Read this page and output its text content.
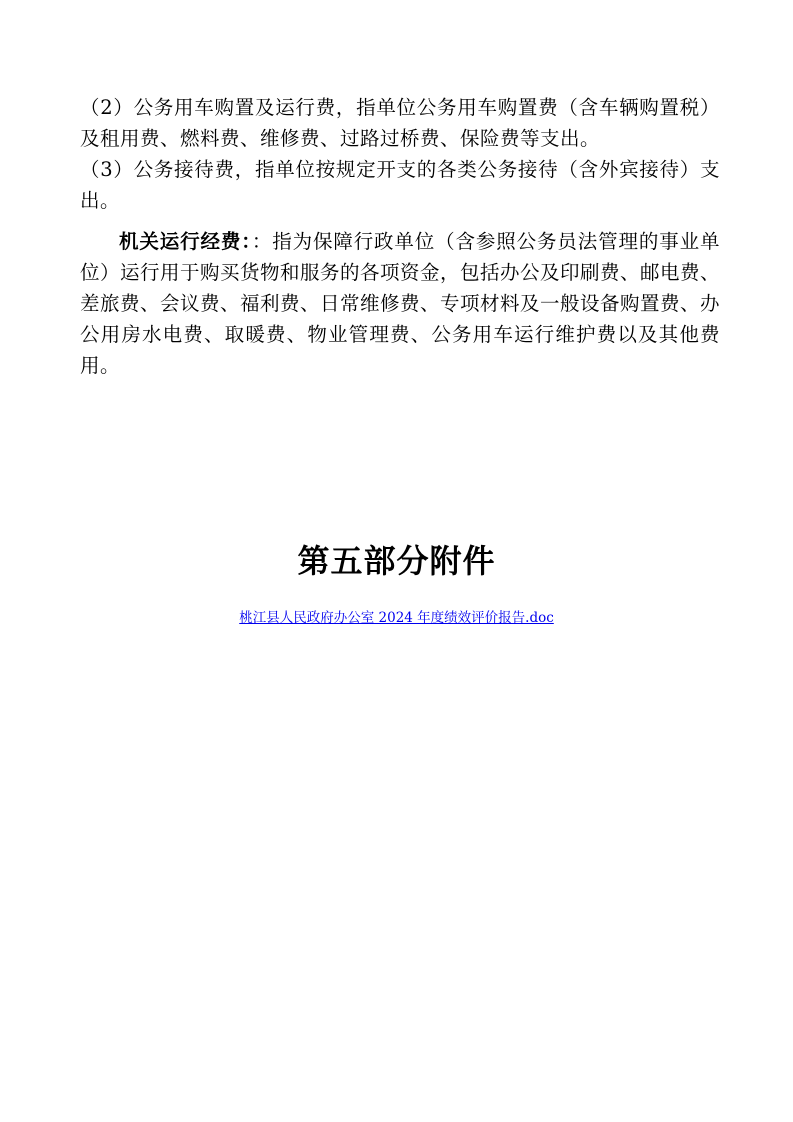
（2）公务用车购置及运行费，指单位公务用车购置费（含车辆购置税）及租用费、燃料费、维修费、过路过桥费、保险费等支出。

（3）公务接待费，指单位按规定开支的各类公务接待（含外宾接待）支出。

机关运行经费：：指为保障行政单位（含参照公务员法管理的事业单位）运行用于购买货物和服务的各项资金，包括办公及印刷费、邮电费、差旅费、会议费、福利费、日常维修费、专项材料及一般设备购置费、办公用房水电费、取暖费、物业管理费、公务用车运行维护费以及其他费用。

第五部分附件
桃江县人民政府办公室 2024 年度绩效评价报告.doc
